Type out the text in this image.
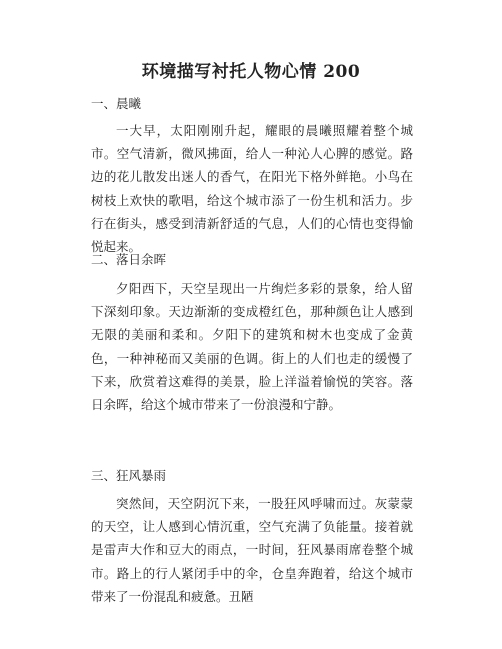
环境描写衬托人物心情 200
一、晨曦

一大早，太阳刚刚升起，耀眼的晨曦照耀着整个城市。空气清新，微风拂面，给人一种沁人心脾的感觉。路边的花儿散发出迷人的香气，在阳光下格外鲜艳。小鸟在树枝上欢快的歌唱，给这个城市添了一份生机和活力。步行在街头，感受到清新舒适的气息，人们的心情也变得愉悦起来。

二、落日余晖

夕阳西下，天空呈现出一片绚烂多彩的景象，给人留下深刻印象。天边渐渐的变成橙红色，那种颜色让人感到无限的美丽和柔和。夕阳下的建筑和树木也变成了金黄色，一种神秘而又美丽的色调。街上的人们也走的缓慢了下来，欣赏着这难得的美景，脸上洋溢着愉悦的笑容。落日余晖，给这个城市带来了一份浪漫和宁静。

三、狂风暴雨

突然间，天空阴沉下来，一股狂风呼啸而过。灰蒙蒙的天空，让人感到心情沉重，空气充满了负能量。接着就是雷声大作和豆大的雨点，一时间，狂风暴雨席卷整个城市。路上的行人紧闭手中的伞，仓皇奔跑着，给这个城市带来了一份混乱和疲惫。丑陋
